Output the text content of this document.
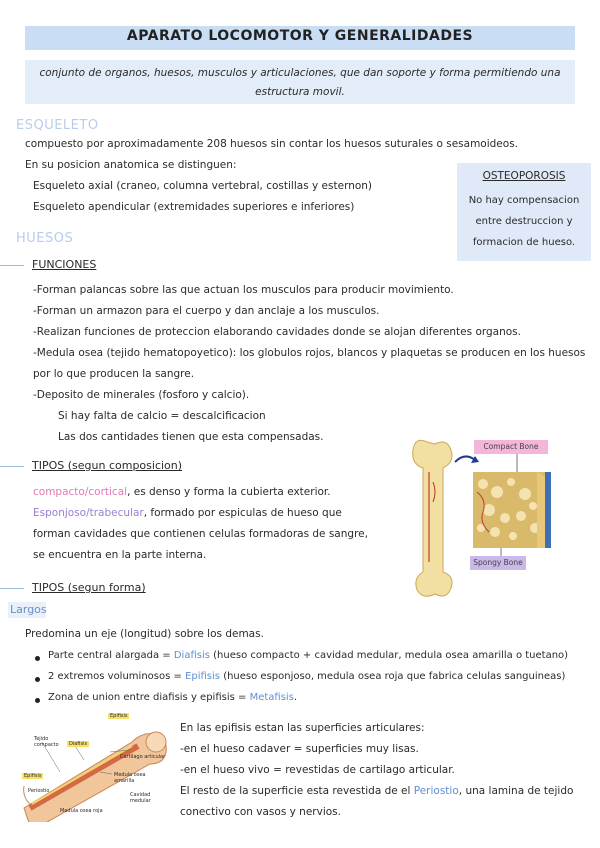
APARATO LOCOMOTOR Y GENERALIDADES
conjunto de organos, huesos, musculos y articulaciones, que dan soporte y forma permitiendo una estructura movil.
ESQUELETO
compuesto por aproximadamente 208 huesos sin contar los huesos suturales o sesamoideos.
En su posicion anatomica se distinguen:
Esqueleto axial (craneo, columna vertebral, costillas y esternon)
Esqueleto apendicular (extremidades superiores e inferiores)
OSTEOPOROSIS
No hay compensacion
entre destruccion y
formacion de hueso.
HUESOS
FUNCIONES
-Forman palancas sobre las que actuan los musculos para producir movimiento.
-Forman un armazon para el cuerpo y dan anclaje a los musculos.
-Realizan funciones de proteccion elaborando cavidades donde se alojan diferentes organos.
-Medula osea (tejido hematopoyetico): los globulos rojos, blancos y plaquetas se producen en los huesos
por lo que producen la sangre.
-Deposito de minerales (fosforo y calcio).
Si hay falta de calcio = descalcificacion
Las dos cantidades tienen que esta compensadas.
TIPOS (segun composicion)
compacto/cortical, es denso y forma la cubierta exterior.
Esponjoso/trabecular, formado por espiculas de hueso que
forman cavidades que contienen celulas formadoras de sangre,
se encuentra en la parte interna.
TIPOS (segun forma)
Compact Bone
Spongy Bone
Largos
Predomina un eje (longitud) sobre los demas.
Parte central alargada = Diafisis (hueso compacto + cavidad medular, medula osea amarilla o tuetano)
2 extremos voluminosos = Epifisis (hueso esponjoso, medula osea roja que fabrica celulas sanguineas)
Zona de union entre diafisis y epifisis = Metafisis.
Epifisis
Tejido compacto	Diafisis
Epifisis
Cartilago articular
Periostio
Medula osea amarilla
Medula osea roja
Cavidad medular
En las epifisis estan las superficies articulares:
-en el hueso cadaver = superficies muy lisas.
-en el hueso vivo = revestidas de cartilago articular.
El resto de la superficie esta revestida de el Periostio, una lamina de tejido
conectivo con vasos y nervios.
